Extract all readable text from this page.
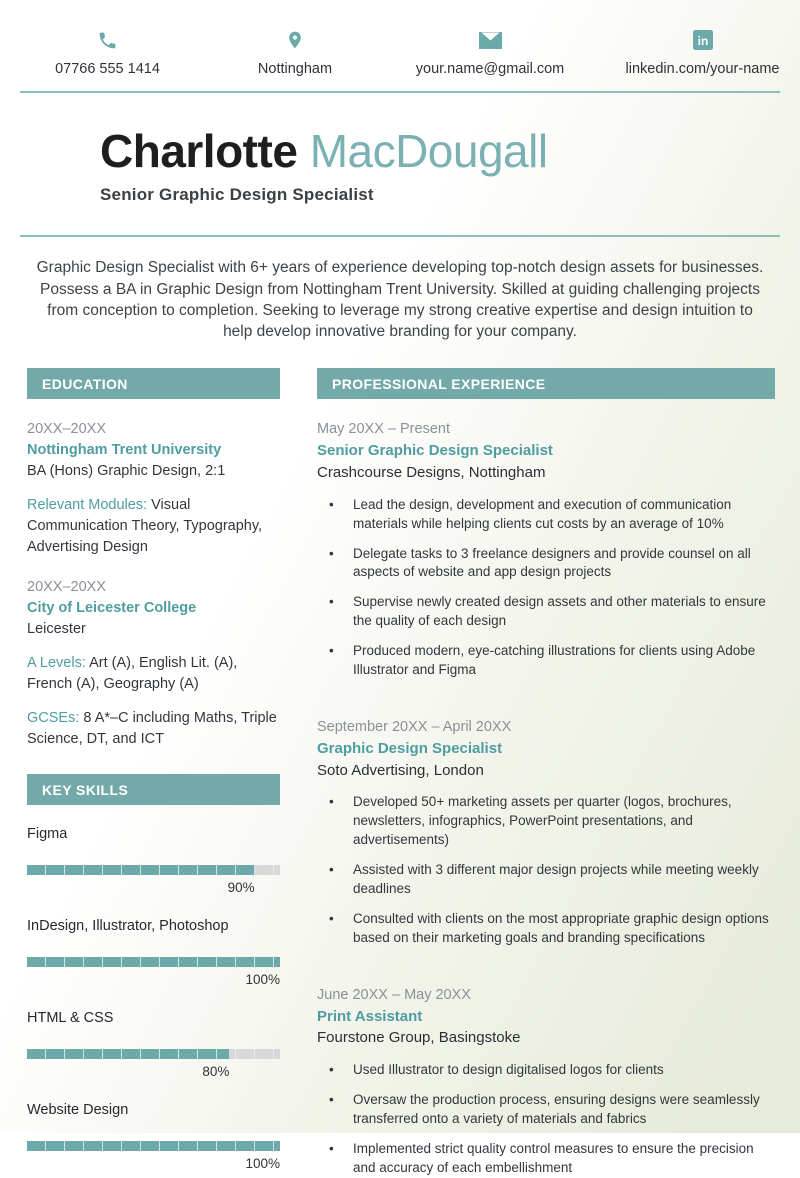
07766 555 1414	Nottingham	your.name@gmail.com
in
linkedin.com/your-name
Charlotte MacDougall
Senior Graphic Design Specialist

Graphic Design Specialist with 6+ years of experience developing top-notch design assets for businesses. Possess a BA in Graphic Design from Nottingham Trent University. Skilled at guiding challenging projects from conception to completion. Seeking to leverage my strong creative expertise and design intuition to help develop innovative branding for your company.

EDUCATION
20XX–20XX
Nottingham Trent University
BA (Hons) Graphic Design, 2:1
Relevant Modules: Visual Communication Theory, Typography, Advertising Design
20XX–20XX
City of Leicester College
Leicester
A Levels: Art (A), English Lit. (A), French (A), Geography (A)
GCSEs: 8 A*–C including Maths, Triple Science, DT, and ICT
KEY SKILLS
Figma
90%
InDesign, Illustrator, Photoshop
100%
HTML & CSS
80%
Website Design
100%
PROFESSIONAL EXPERIENCE
May 20XX – Present
Senior Graphic Design Specialist
Crashcourse Designs, Nottingham
• Lead the design, development and execution of communication materials while helping clients cut costs by an average of 10%
• Delegate tasks to 3 freelance designers and provide counsel on all aspects of website and app design projects
• Supervise newly created design assets and other materials to ensure the quality of each design
• Produced modern, eye-catching illustrations for clients using Adobe Illustrator and Figma
September 20XX – April 20XX
Graphic Design Specialist
Soto Advertising, London
• Developed 50+ marketing assets per quarter (logos, brochures, newsletters, infographics, PowerPoint presentations, and advertisements)
• Assisted with 3 different major design projects while meeting weekly deadlines
• Consulted with clients on the most appropriate graphic design options based on their marketing goals and branding specifications
June 20XX – May 20XX
Print Assistant
Fourstone Group, Basingstoke
• Used Illustrator to design digitalised logos for clients
• Oversaw the production process, ensuring designs were seamlessly transferred onto a variety of materials and fabrics
• Implemented strict quality control measures to ensure the precision and accuracy of each embellishment
